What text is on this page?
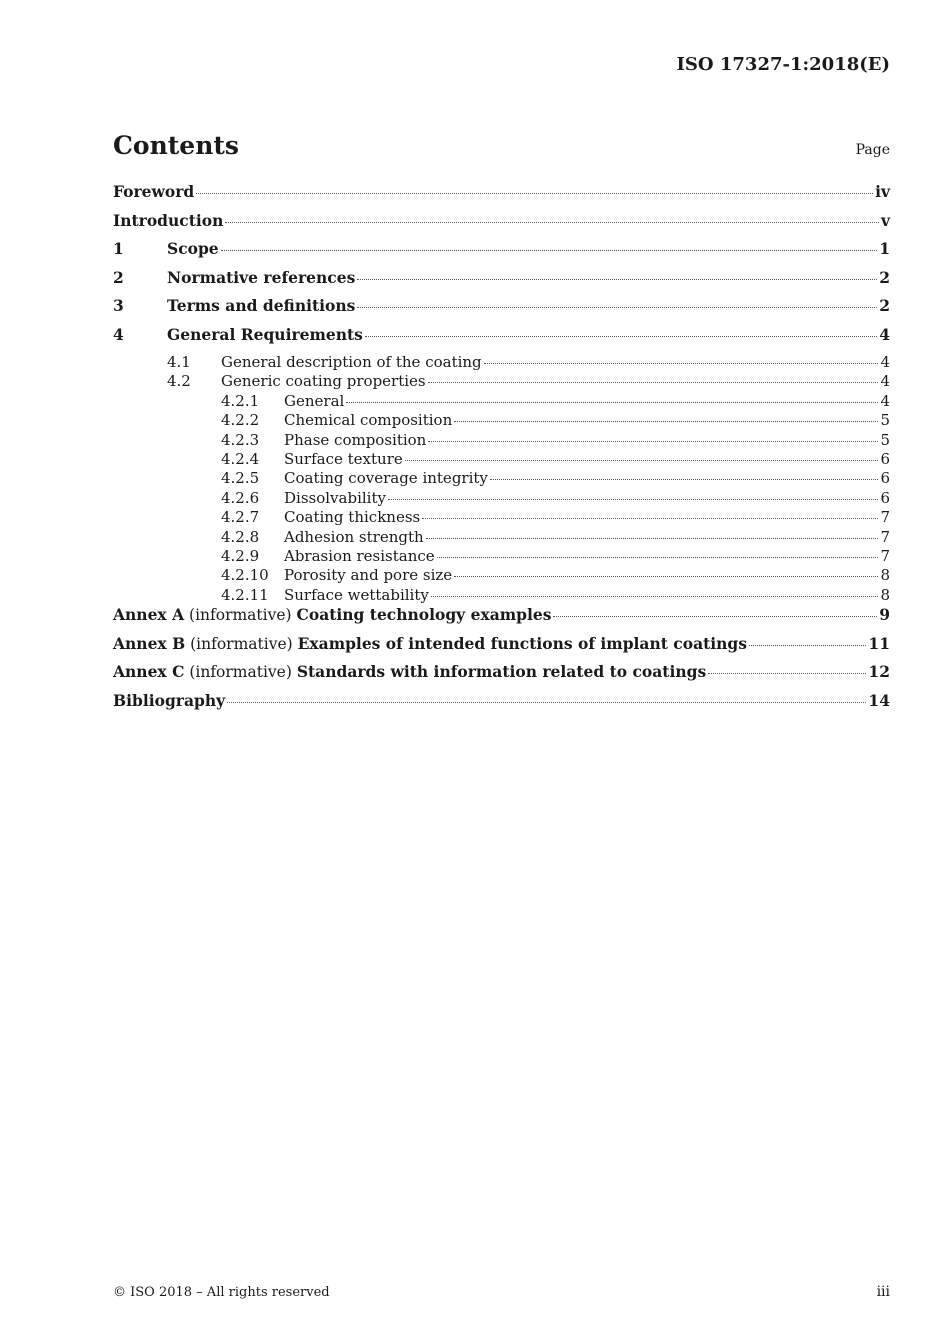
ISO 17327-1:2018(E)
Contents	Page
Foreword	iv
Introduction	v
1	Scope	1
2	Normative references	2
3	Terms and definitions	2
4	General Requirements	4
4.1	General description of the coating	4
4.2	Generic coating properties	4
4.2.1	General	4
4.2.2	Chemical composition	5
4.2.3	Phase composition	5
4.2.4	Surface texture	6
4.2.5	Coating coverage integrity	6
4.2.6	Dissolvability	6
4.2.7	Coating thickness	7
4.2.8	Adhesion strength	7
4.2.9	Abrasion resistance	7
4.2.10	Porosity and pore size	8
4.2.11	Surface wettability	8
Annex A (informative) Coating technology examples	9
Annex B (informative) Examples of intended functions of implant coatings	11
Annex C (informative) Standards with information related to coatings	12
Bibliography	14
© ISO 2018 – All rights reserved	iii
